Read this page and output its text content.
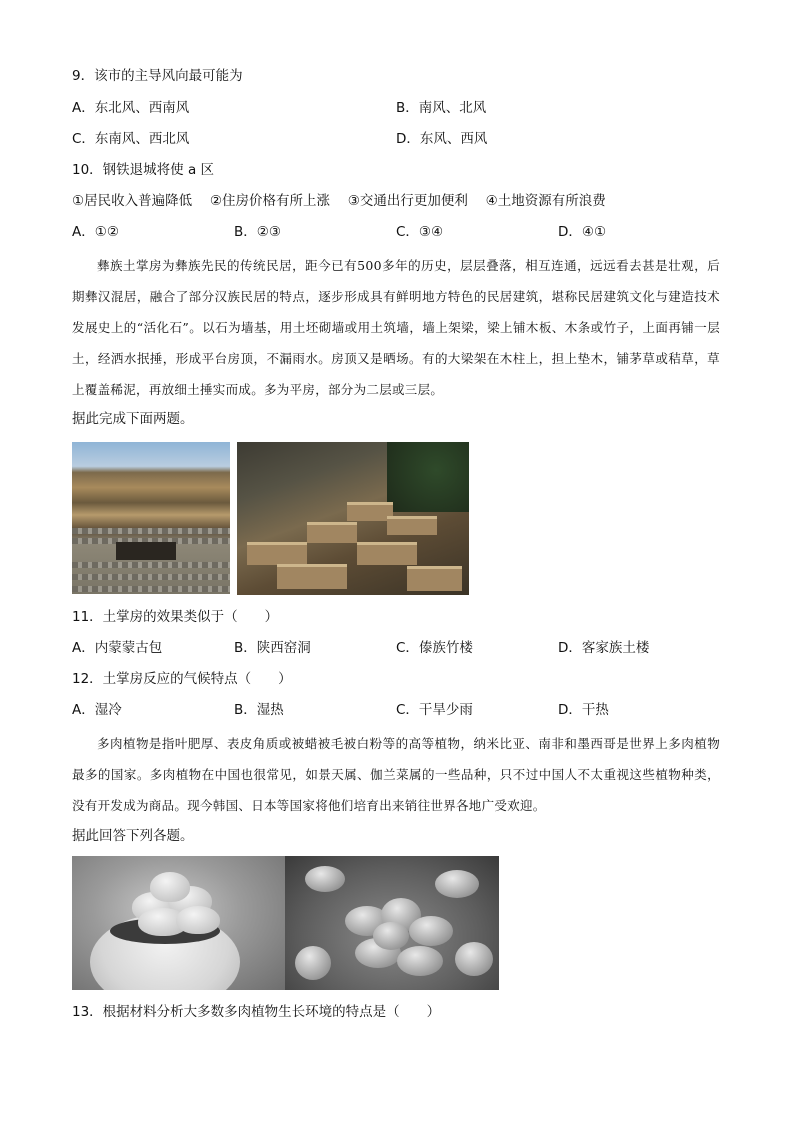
9．该市的主导风向最可能为
A．东北风、西南风	B．南风、北风
C．东南风、西北风	D．东风、西风
10．钢铁退城将使 a 区
①居民收入普遍降低　 ②住房价格有所上涨　 ③交通出行更加便利　 ④土地资源有所浪费
A．①②	B．②③	C．③④	D．④①
彝族土掌房为彝族先民的传统民居，距今已有500多年的历史，层层叠落，相互连通，远远看去甚是壮观，后期彝汉混居，融合了部分汉族民居的特点，逐步形成具有鲜明地方特色的民居建筑，堪称民居建筑文化与建造技术发展史上的“活化石”。以石为墙基，用土坯砌墙或用土筑墙，墙上架梁，梁上铺木板、木条或竹子，上面再铺一层土，经洒水抿捶，形成平台房顶，不漏雨水。房顶又是晒场。有的大梁架在木柱上，担上垫木，铺茅草或秸草，草上覆盖稀泥，再放细土捶实而成。多为平房，部分为二层或三层。
据此完成下面两题。
11．土掌房的效果类似于（　　）
A．内蒙蒙古包	B．陕西窑洞	C．傣族竹楼	D．客家族土楼
12．土掌房反应的气候特点（　　）
A．湿冷	B．湿热	C．干旱少雨	D．干热
多肉植物是指叶肥厚、表皮角质或被蜡被毛被白粉等的高等植物，纳米比亚、南非和墨西哥是世界上多肉植物最多的国家。多肉植物在中国也很常见，如景天属、伽兰菜属的一些品种，只不过中国人不太重视这些植物种类，没有开发成为商品。现今韩国、日本等国家将他们培育出来销往世界各地广受欢迎。
据此回答下列各题。
13．根据材料分析大多数多肉植物生长环境的特点是（　　）
